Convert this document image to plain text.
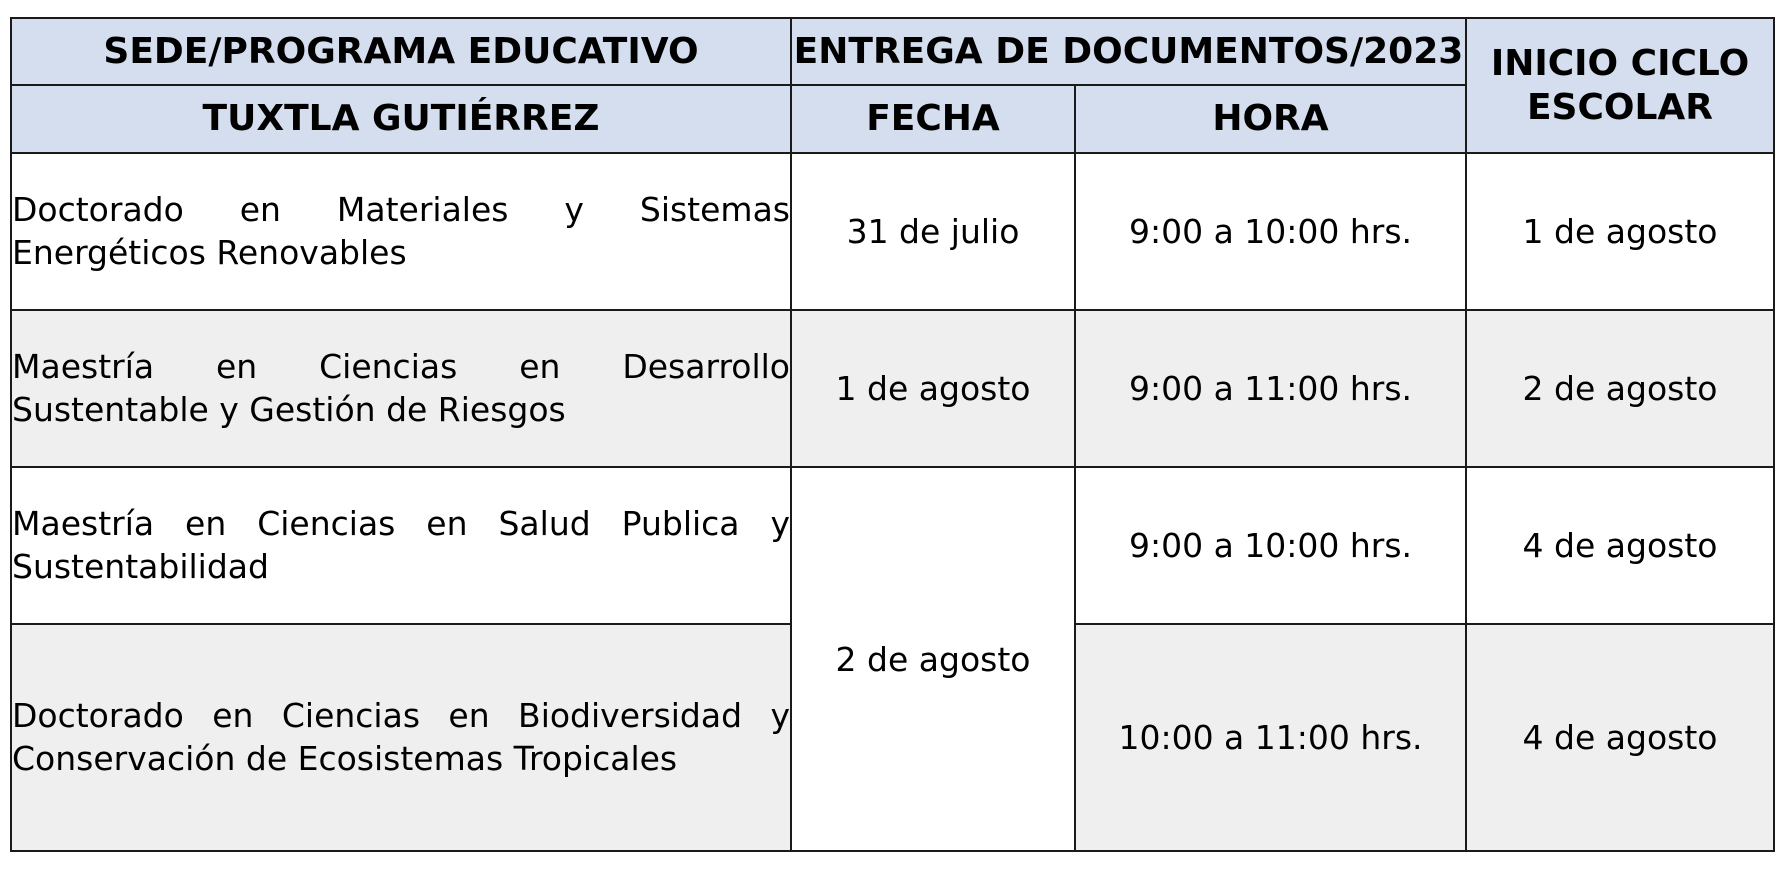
SEDE/PROGRAMA EDUCATIVO	ENTREGA DE DOCUMENTOS/2023		INICIO CICLO ESCOLAR
TUXTLA GUTIÉRREZ	FECHA	HORA	
Doctorado en Materiales y Sistemas Energéticos Renovables	31 de julio	9:00 a 10:00 hrs.	1 de agosto
Maestría en Ciencias en Desarrollo Sustentable y Gestión de Riesgos	1 de agosto	9:00 a 11:00 hrs.	2 de agosto
Maestría en Ciencias en Salud Publica y Sustentabilidad	2 de agosto	9:00 a 10:00 hrs.	4 de agosto
Doctorado en Ciencias en Biodiversidad y Conservación de Ecosistemas Tropicales		10:00 a 11:00 hrs.	4 de agosto
